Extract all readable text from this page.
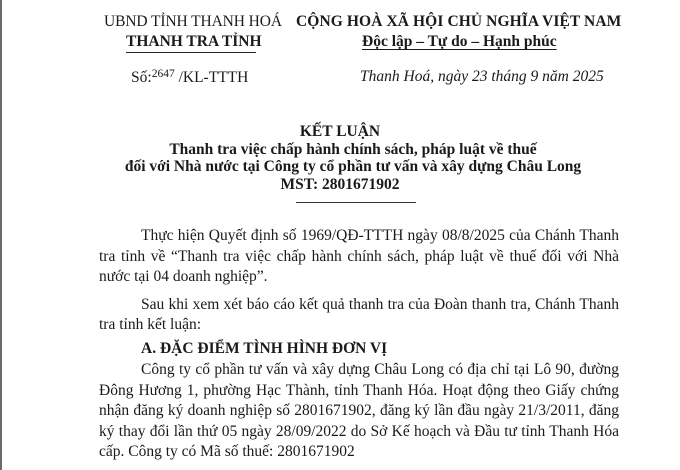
UBND TỈNH THANH HOÁ
THANH TRA TỈNH
Số:$^{2647}$ /KL-TTTH
CỘNG HOÀ XÃ HỘI CHỦ NGHĨA VIỆT NAM
Độc lập – Tự do – Hạnh phúc
Thanh Hoá, ngày 23 tháng 9 năm 2025
KẾT LUẬN
Thanh tra việc chấp hành chính sách, pháp luật về thuế
đối với Nhà nước tại Công ty cổ phần tư vấn và xây dựng Châu Long
MST: 2801671902

Thực hiện Quyết định số 1969/QĐ-TTTH ngày 08/8/2025 của Chánh Thanh tra tỉnh về “Thanh tra việc chấp hành chính sách, pháp luật về thuế đối với Nhà nước tại 04 doanh nghiệp”.

Sau khi xem xét báo cáo kết quả thanh tra của Đoàn thanh tra, Chánh Thanh tra tỉnh kết luận:

A. ĐẶC ĐIỂM TÌNH HÌNH ĐƠN VỊ

Công ty cổ phần tư vấn và xây dựng Châu Long có địa chỉ tại Lô 90, đường Đông Hương 1, phường Hạc Thành, tỉnh Thanh Hóa. Hoạt động theo Giấy chứng nhận đăng ký doanh nghiệp số 2801671902, đăng ký lần đầu ngày 21/3/2011, đăng ký thay đổi lần thứ 05 ngày 28/09/2022 do Sở Kế hoạch và Đầu tư tỉnh Thanh Hóa cấp. Công ty có Mã số thuế: 2801671902
